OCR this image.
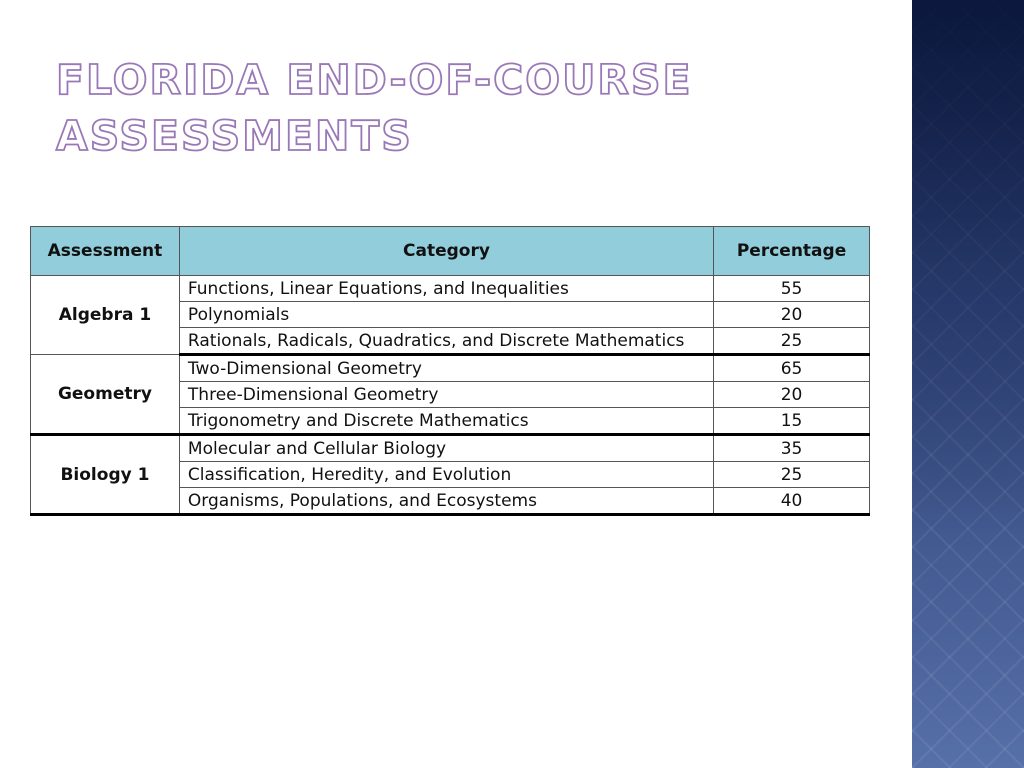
FLORIDA END-OF-COURSE
ASSESSMENTS
Assessment	Category	Percentage
Algebra 1	Functions, Linear Equations, and Inequalities	55
	Polynomials	20
	Rationals, Radicals, Quadratics, and Discrete Mathematics	25
Geometry	Two-Dimensional Geometry	65
	Three-Dimensional Geometry	20
	Trigonometry and Discrete Mathematics	15
Biology 1	Molecular and Cellular Biology	35
	Classification, Heredity, and Evolution	25
	Organisms, Populations, and Ecosystems	40
